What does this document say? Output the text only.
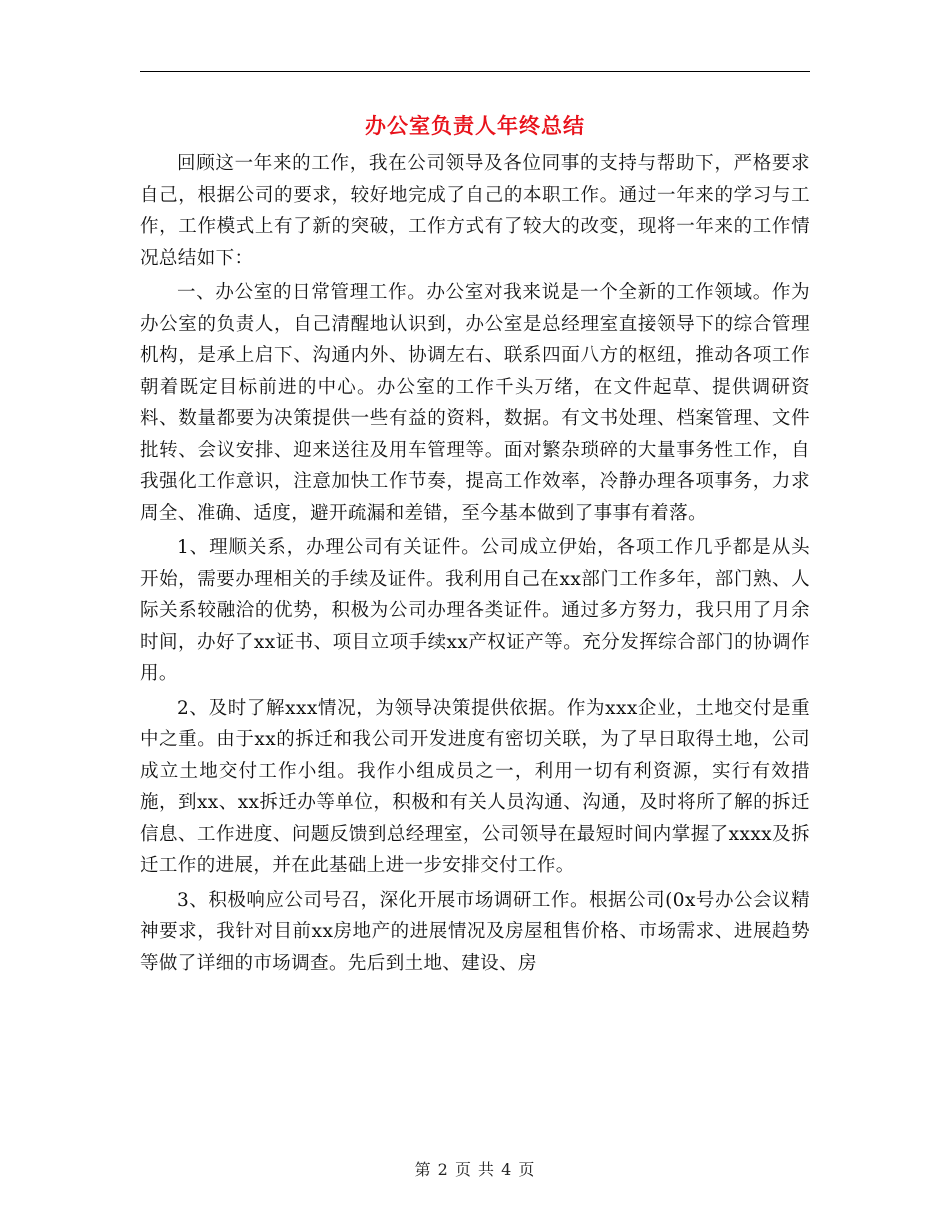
办公室负责人年终总结

回顾这一年来的工作，我在公司领导及各位同事的支持与帮助下，严格要求自己，根据公司的要求，较好地完成了自己的本职工作。通过一年来的学习与工作，工作模式上有了新的突破，工作方式有了较大的改变，现将一年来的工作情况总结如下：

一、办公室的日常管理工作。办公室对我来说是一个全新的工作领域。作为办公室的负责人，自己清醒地认识到，办公室是总经理室直接领导下的综合管理机构，是承上启下、沟通内外、协调左右、联系四面八方的枢纽，推动各项工作朝着既定目标前进的中心。办公室的工作千头万绪，在文件起草、提供调研资料、数量都要为决策提供一些有益的资料，数据。有文书处理、档案管理、文件批转、会议安排、迎来送往及用车管理等。面对繁杂琐碎的大量事务性工作，自我强化工作意识，注意加快工作节奏，提高工作效率，冷静办理各项事务，力求周全、准确、适度，避开疏漏和差错，至今基本做到了事事有着落。

1、理顺关系，办理公司有关证件。公司成立伊始，各项工作几乎都是从头开始，需要办理相关的手续及证件。我利用自己在xx部门工作多年，部门熟、人际关系较融洽的优势，积极为公司办理各类证件。通过多方努力，我只用了月余时间，办好了xx证书、项目立项手续xx产权证产等。充分发挥综合部门的协调作用。

2、及时了解xxx情况，为领导决策提供依据。作为xxx企业，土地交付是重中之重。由于xx的拆迁和我公司开发进度有密切关联，为了早日取得土地，公司成立土地交付工作小组。我作小组成员之一，利用一切有利资源，实行有效措施，到xx、xx拆迁办等单位，积极和有关人员沟通、沟通，及时将所了解的拆迁信息、工作进度、问题反馈到总经理室，公司领导在最短时间内掌握了xxxx及拆迁工作的进展，并在此基础上进一步安排交付工作。

3、积极响应公司号召，深化开展市场调研工作。根据公司(0x号办公会议精神要求，我针对目前xx房地产的进展情况及房屋租售价格、市场需求、进展趋势等做了详细的市场调查。先后到土地、建设、房

第 2 页 共 4 页
